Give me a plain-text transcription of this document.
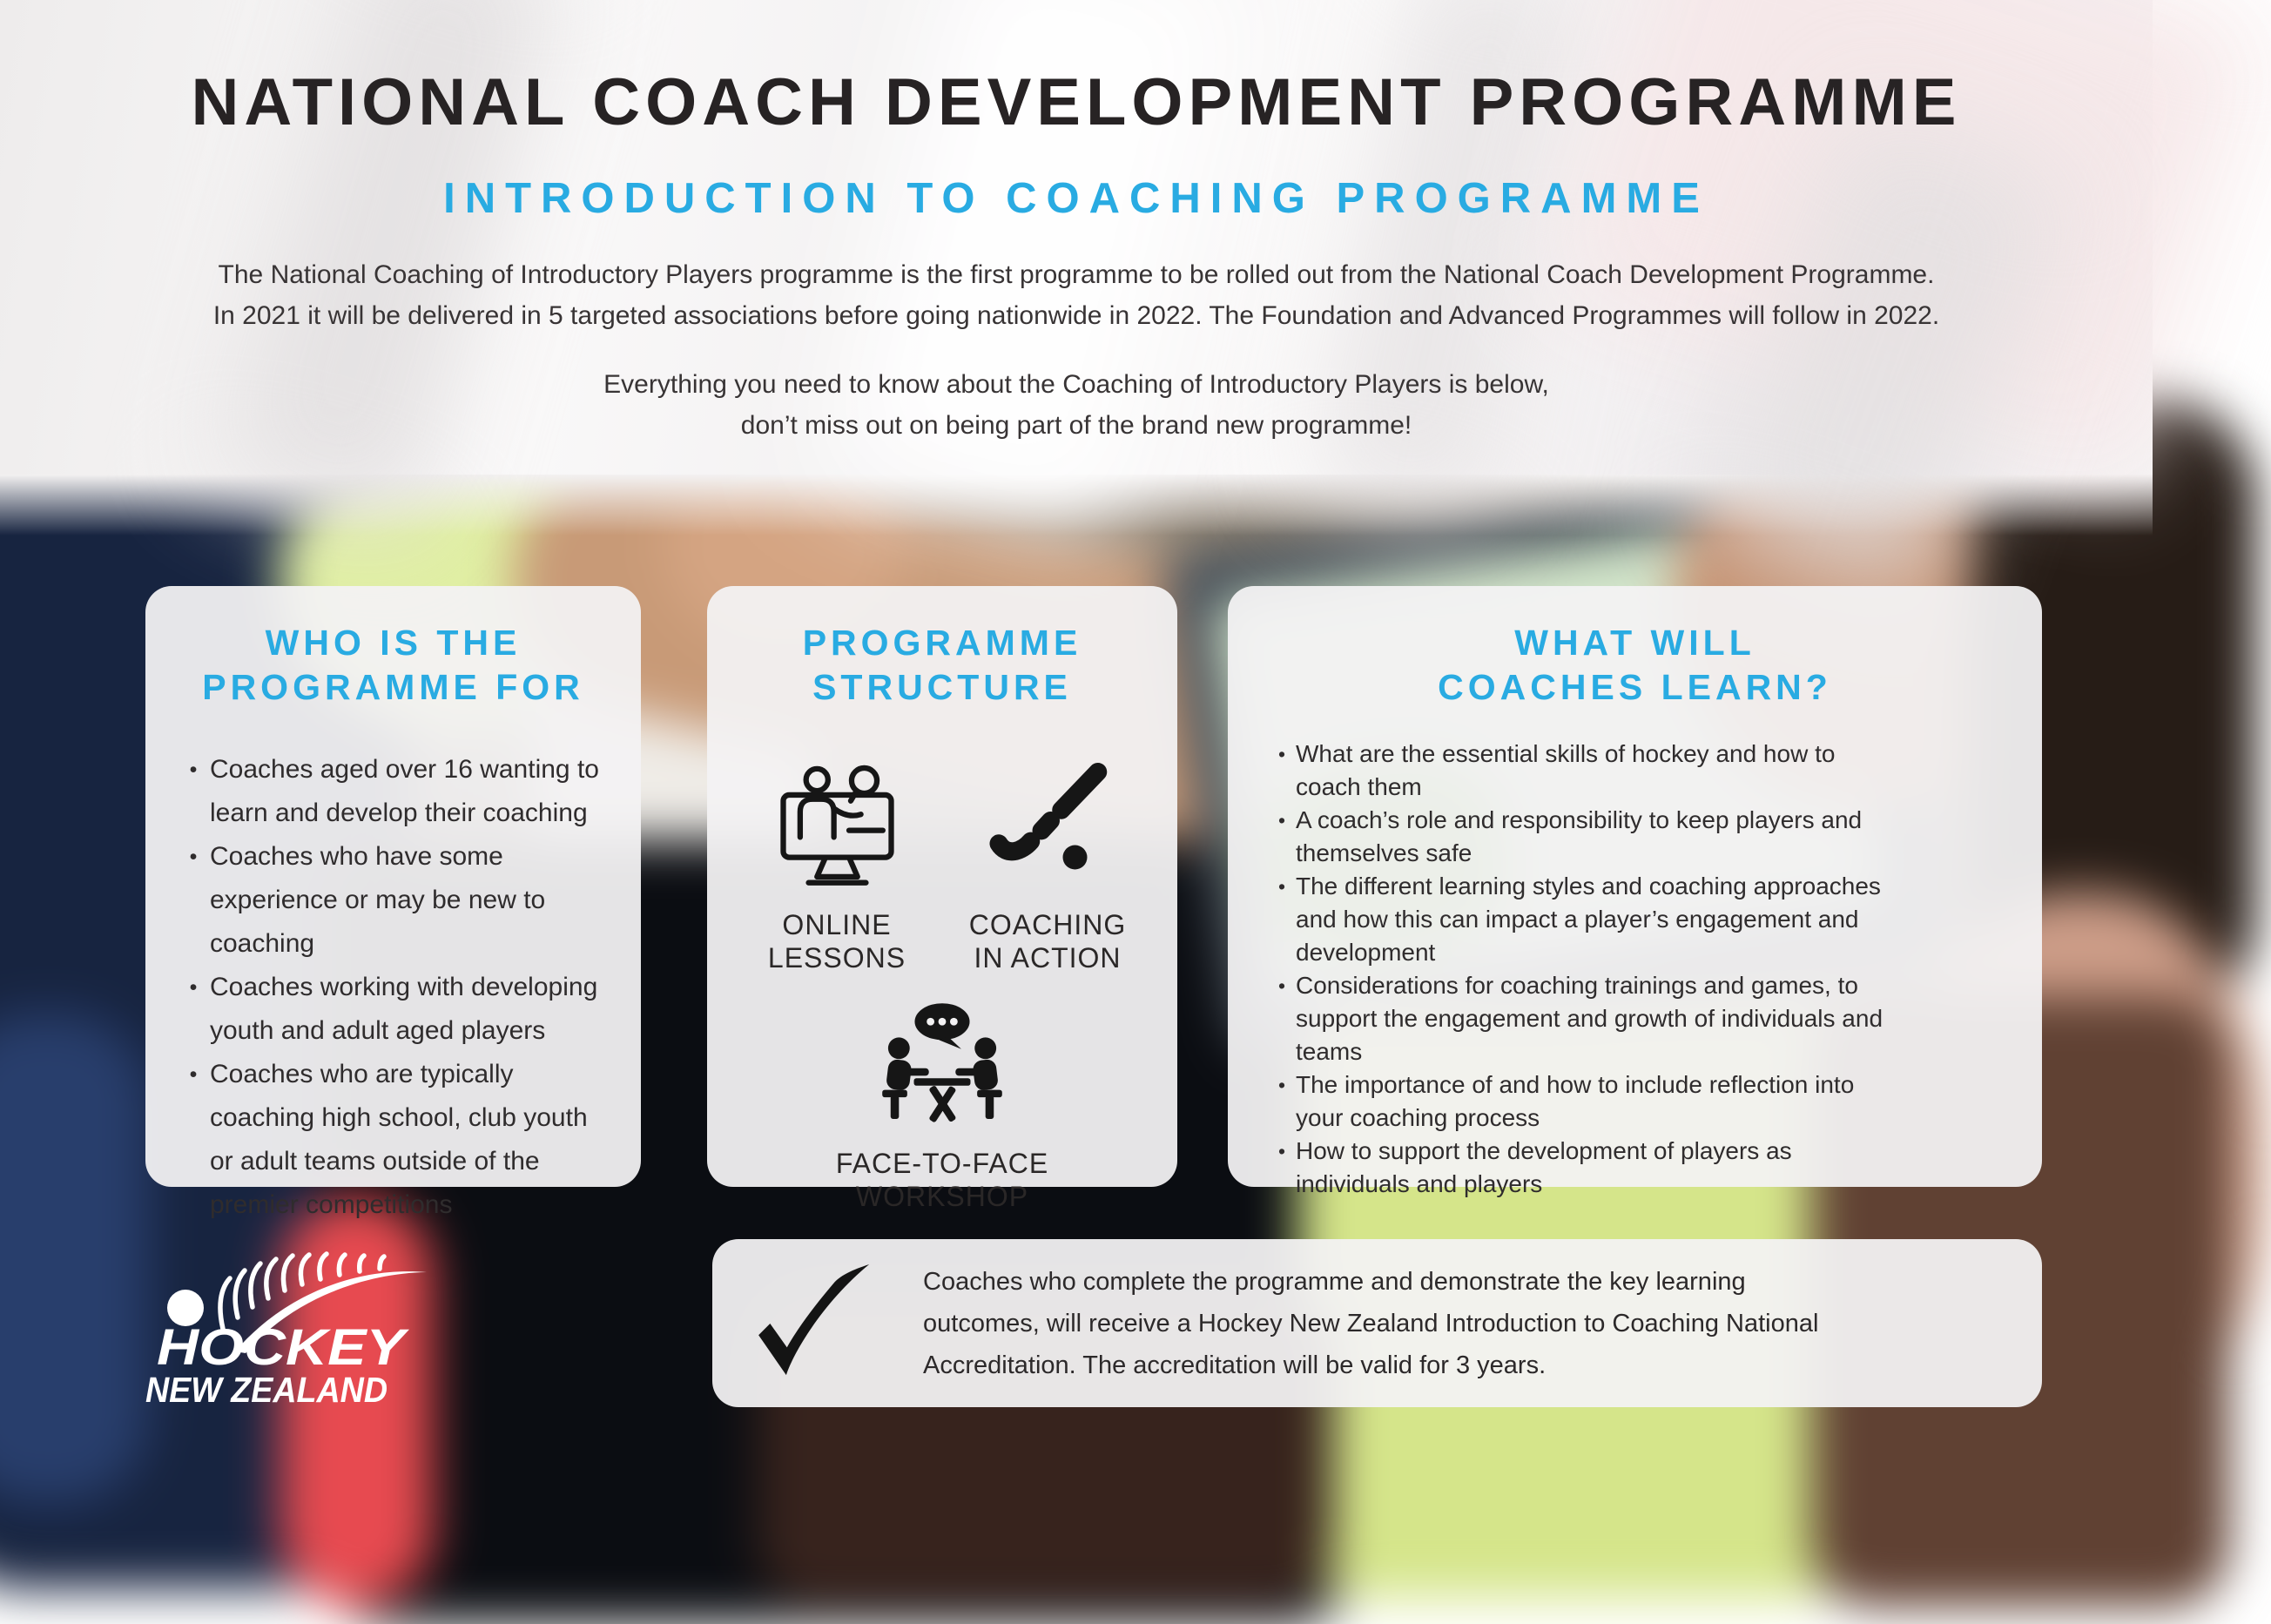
NATIONAL COACH DEVELOPMENT PROGRAMME
INTRODUCTION TO COACHING PROGRAMME
The National Coaching of Introductory Players programme is the first programme to be rolled out from the National Coach Development Programme.
In 2021 it will be delivered in 5 targeted associations before going nationwide in 2022. The Foundation and Advanced Programmes will follow in 2022.
Everything you need to know about the Coaching of Introductory Players is below,
don’t miss out on being part of the brand new programme!
WHO IS THE
PROGRAMME FOR
• Coaches aged over 16 wanting to
learn and develop their coaching
• Coaches who have some
experience or may be new to
coaching
• Coaches working with developing
youth and adult aged players
• Coaches who are typically
coaching high school, club youth
or adult teams outside of the
premier competitions
PROGRAMME
STRUCTURE
ONLINE
LESSONS
COACHING
IN ACTION
FACE-TO-FACE
WORKSHOP
WHAT WILL
COACHES LEARN?
• What are the essential skills of hockey and how to
coach them
• A coach’s role and responsibility to keep players and
themselves safe
• The different learning styles and coaching approaches
and how this can impact a player’s engagement and
development
• Considerations for coaching trainings and games, to
support the engagement and growth of individuals and
teams
• The importance of and how to include reflection into
your coaching process
• How to support the development of players as
individuals and players
Coaches who complete the programme and demonstrate the key learning
outcomes, will receive a Hockey New Zealand Introduction to Coaching National
Accreditation. The accreditation will be valid for 3 years.
HOCKEY
NEW ZEALAND
